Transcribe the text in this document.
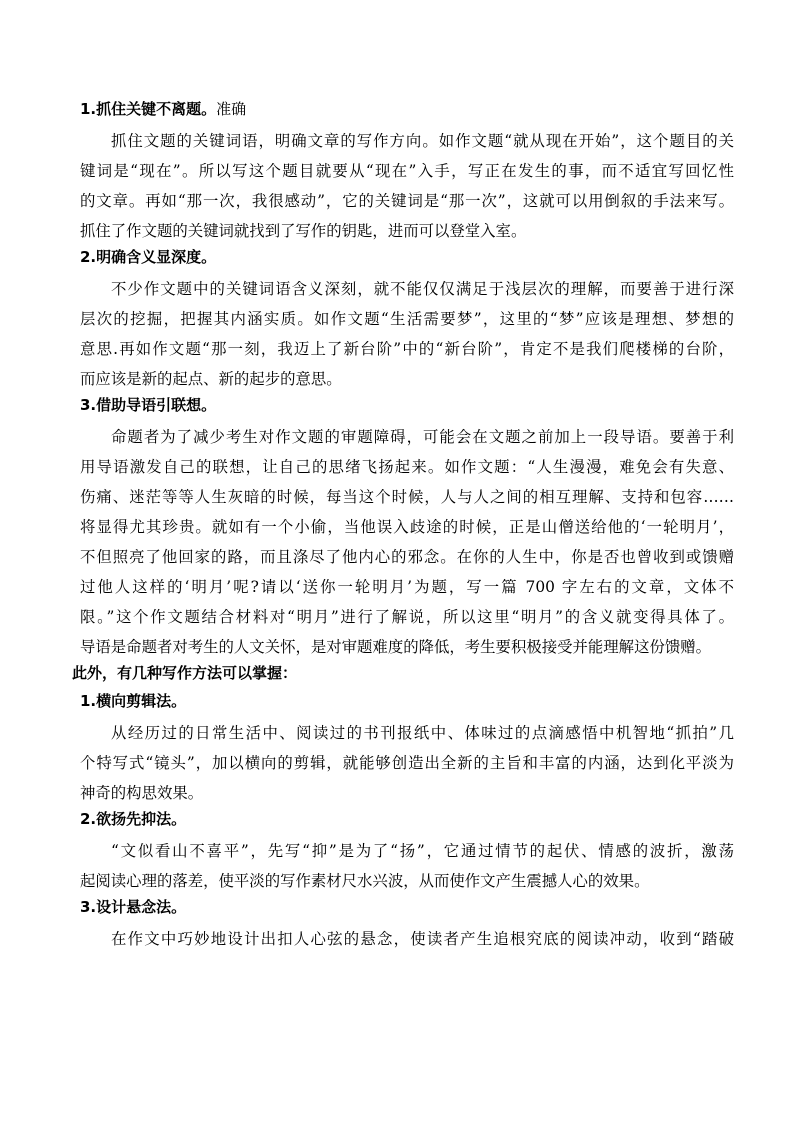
1.抓住关键不离题。准确
抓住文题的关键词语，明确文章的写作方向。如作文题“就从现在开始”，这个题目的关
键词是“现在”。所以写这个题目就要从“现在”入手，写正在发生的事，而不适宜写回忆性
的文章。再如“那一次，我很感动”，它的关键词是“那一次”，这就可以用倒叙的手法来写。
抓住了作文题的关键词就找到了写作的钥匙，进而可以登堂入室。
2.明确含义显深度。
不少作文题中的关键词语含义深刻，就不能仅仅满足于浅层次的理解，而要善于进行深
层次的挖掘，把握其内涵实质。如作文题“生活需要梦”，这里的“梦”应该是理想、梦想的
意思.再如作文题“那一刻，我迈上了新台阶”中的“新台阶”，肯定不是我们爬楼梯的台阶，
而应该是新的起点、新的起步的意思。
3.借助导语引联想。
命题者为了减少考生对作文题的审题障碍，可能会在文题之前加上一段导语。要善于利
用导语激发自己的联想，让自己的思绪飞扬起来。如作文题：“人生漫漫，难免会有失意、
伤痛、迷茫等等人生灰暗的时候，每当这个时候，人与人之间的相互理解、支持和包容……
将显得尤其珍贵。就如有一个小偷，当他误入歧途的时候，正是山僧送给他的‘一轮明月’，
不但照亮了他回家的路，而且涤尽了他内心的邪念。在你的人生中，你是否也曾收到或馈赠
过他人这样的‘明月’呢?请以‘送你一轮明月’为题，写一篇 700 字左右的文章，文体不
限。”这个作文题结合材料对“明月”进行了解说，所以这里“明月”的含义就变得具体了。
导语是命题者对考生的人文关怀，是对审题难度的降低，考生要积极接受并能理解这份馈赠。
此外，有几种写作方法可以掌握：
1.横向剪辑法。
从经历过的日常生活中、阅读过的书刊报纸中、体味过的点滴感悟中机智地“抓拍”几
个特写式“镜头”，加以横向的剪辑，就能够创造出全新的主旨和丰富的内涵，达到化平淡为
神奇的构思效果。
2.欲扬先抑法。
“文似看山不喜平”，先写“抑”是为了“扬”，它通过情节的起伏、情感的波折，激荡
起阅读心理的落差，使平淡的写作素材尺水兴波，从而使作文产生震撼人心的效果。
3.设计悬念法。
在作文中巧妙地设计出扣人心弦的悬念，使读者产生追根究底的阅读冲动，收到“踏破
